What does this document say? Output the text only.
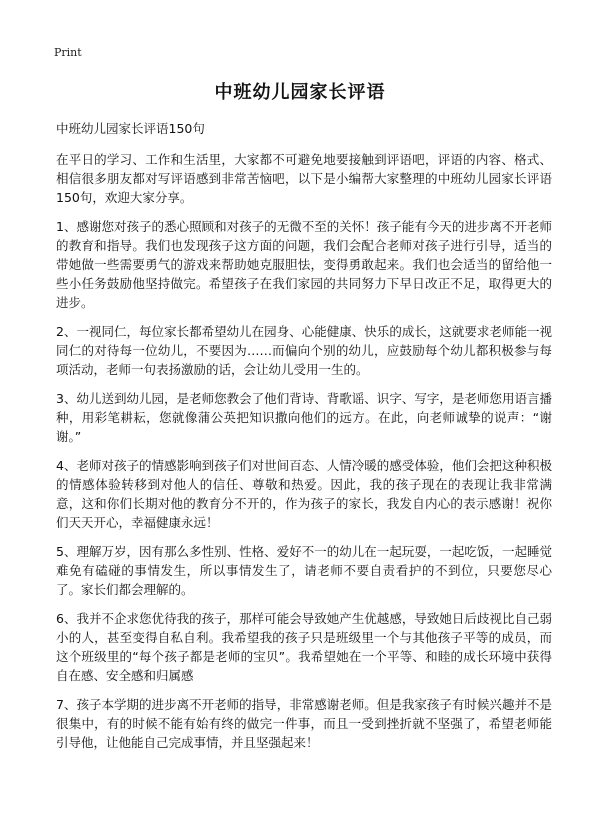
Print
中班幼儿园家长评语

中班幼儿园家长评语150句

在平日的学习、工作和生活里，大家都不可避免地要接触到评语吧，评语的内容、格式、相信很多朋友都对写评语感到非常苦恼吧，以下是小编帮大家整理的中班幼儿园家长评语150句，欢迎大家分享。

1、感谢您对孩子的悉心照顾和对孩子的无微不至的关怀！孩子能有今天的进步离不开老师的教育和指导。我们也发现孩子这方面的问题，我们会配合老师对孩子进行引导，适当的带她做一些需要勇气的游戏来帮助她克服胆怯，变得勇敢起来。我们也会适当的留给他一些小任务鼓励他坚持做完。希望孩子在我们家园的共同努力下早日改正不足，取得更大的进步。

2、一视同仁，每位家长都希望幼儿在园身、心能健康、快乐的成长，这就要求老师能一视同仁的对待每一位幼儿，不要因为……而偏向个别的幼儿，应鼓励每个幼儿都积极参与每项活动，老师一句表扬激励的话，会让幼儿受用一生的。

3、幼儿送到幼儿园，是老师您教会了他们背诗、背歌谣、识字、写字，是老师您用语言播种，用彩笔耕耘，您就像蒲公英把知识撒向他们的远方。在此，向老师诚挚的说声：“谢谢。”

4、老师对孩子的情感影响到孩子们对世间百态、人情冷暖的感受体验，他们会把这种积极的情感体验转移到对他人的信任、尊敬和热爱。因此，我的孩子现在的表现让我非常满意，这和你们长期对他的教育分不开的，作为孩子的家长，我发自内心的表示感谢！祝你们天天开心，幸福健康永远！

5、理解万岁，因有那么多性别、性格、爱好不一的幼儿在一起玩耍，一起吃饭，一起睡觉难免有磕碰的事情发生，所以事情发生了，请老师不要自责看护的不到位，只要您尽心了。家长们都会理解的。

6、我并不企求您优待我的孩子，那样可能会导致她产生优越感，导致她日后歧视比自己弱小的人，甚至变得自私自利。我希望我的孩子只是班级里一个与其他孩子平等的成员，而这个班级里的“每个孩子都是老师的宝贝”。我希望她在一个平等、和睦的成长环境中获得自在感、安全感和归属感

7、孩子本学期的进步离不开老师的指导，非常感谢老师。但是我家孩子有时候兴趣并不是很集中，有的时候不能有始有终的做完一件事，而且一受到挫折就不坚强了，希望老师能引导他，让他能自己完成事情，并且坚强起来！
